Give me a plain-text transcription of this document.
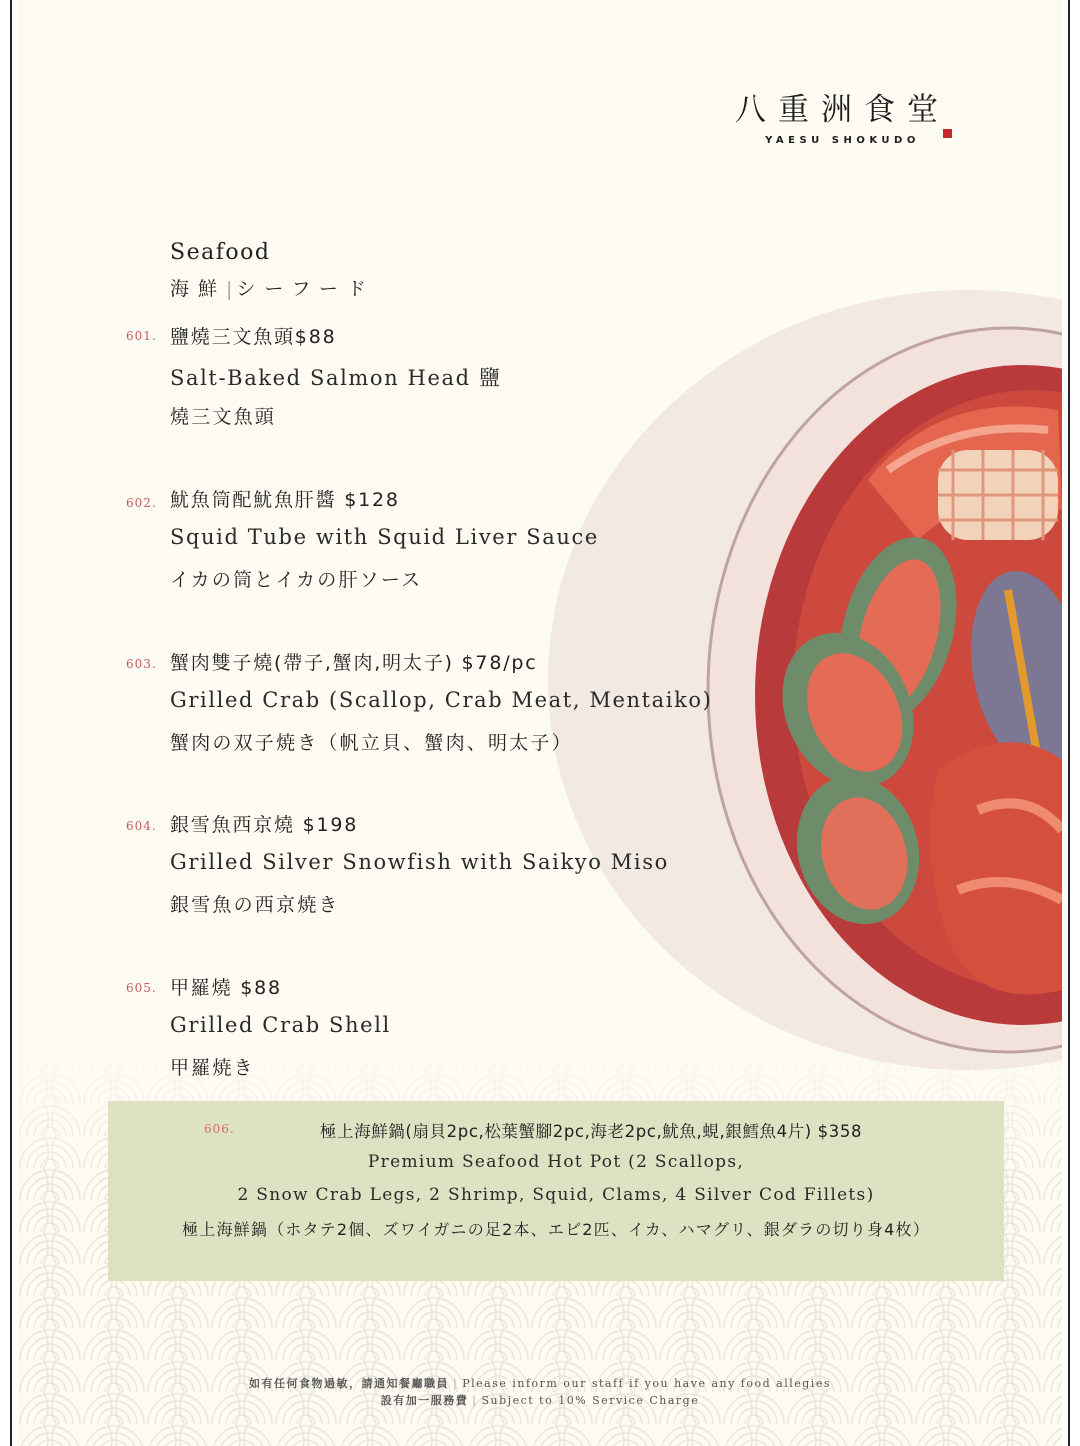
八重洲食堂
YAESU SHOKUDO
Seafood
海鮮|シーフード
601. 鹽燒三文魚頭$88
Salt-Baked Salmon Head 鹽
燒三文魚頭
602. 魷魚筒配魷魚肝醬 $128
Squid Tube with Squid Liver Sauce
イカの筒とイカの肝ソース
603. 蟹肉雙子燒(帶子,蟹肉,明太子) $78/pc
Grilled Crab (Scallop, Crab Meat, Mentaiko)
蟹肉の双子焼き（帆立貝、蟹肉、明太子）
604. 銀雪魚西京燒 $198
Grilled Silver Snowfish with Saikyo Miso
銀雪魚の西京焼き
605. 甲羅燒 $88
Grilled Crab Shell
甲羅焼き
606.	極上海鮮鍋(扇貝2pc,松葉蟹腳2pc,海老2pc,魷魚,蜆,銀鱈魚4片) $358
Premium Seafood Hot Pot (2 Scallops,
2 Snow Crab Legs, 2 Shrimp, Squid, Clams, 4 Silver Cod Fillets)
極上海鮮鍋（ホタテ2個、ズワイガニの足2本、エビ2匹、イカ、ハマグリ、銀ダラの切り身4枚）
如有任何食物過敏，請通知餐廳職員 | Please inform our staff if you have any food allegies
設有加一服務費 | Subject to 10% Service Charge
